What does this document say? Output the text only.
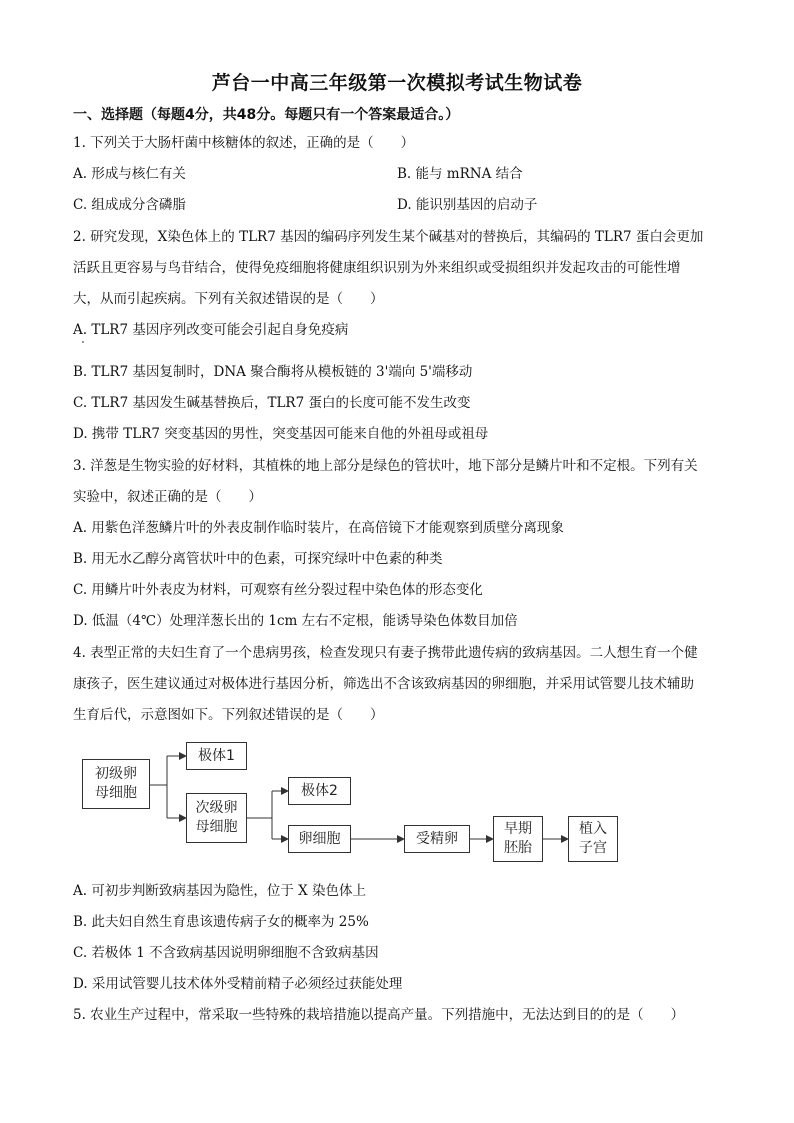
芦台一中高三年级第一次模拟考试生物试卷
一、选择题（每题4分，共48分。每题只有一个答案最适合。）
1. 下列关于大肠杆菌中核糖体的叙述，正确的是（　　）
A. 形成与核仁有关	B. 能与 mRNA 结合
C. 组成成分含磷脂	D. 能识别基因的启动子
2. 研究发现，X染色体上的 TLR7 基因的编码序列发生某个碱基对的替换后，其编码的 TLR7 蛋白会更加
活跃且更容易与鸟苷结合，使得免疫细胞将健康组织识别为外来组织或受损组织并发起攻击的可能性增
大，从而引起疾病。下列有关叙述错误的是（　　）
A. TLR7 基因序列改变可能会引起自身免疫病
B. TLR7 基因复制时，DNA 聚合酶将从模板链的 3'端向 5'端移动
C. TLR7 基因发生碱基替换后，TLR7 蛋白的长度可能不发生改变
D. 携带 TLR7 突变基因的男性，突变基因可能来自他的外祖母或祖母
3. 洋葱是生物实验的好材料，其植株的地上部分是绿色的管状叶，地下部分是鳞片叶和不定根。下列有关
实验中，叙述正确的是（　　）
A. 用紫色洋葱鳞片叶的外表皮制作临时装片，在高倍镜下才能观察到质壁分离现象
B. 用无水乙醇分离管状叶中的色素，可探究绿叶中色素的种类
C. 用鳞片叶外表皮为材料，可观察有丝分裂过程中染色体的形态变化
D. 低温（4℃）处理洋葱长出的 1cm 左右不定根，能诱导染色体数目加倍
4. 表型正常的夫妇生育了一个患病男孩，检查发现只有妻子携带此遗传病的致病基因。二人想生育一个健
康孩子，医生建议通过对极体进行基因分析，筛选出不含该致病基因的卵细胞，并采用试管婴儿技术辅助
生育后代，示意图如下。下列叙述错误的是（　　）
初级卵
母细胞
极体1
次级卵
母细胞
极体2
卵细胞	受精卵
早期
胚胎
植入
子宫
A. 可初步判断致病基因为隐性，位于 X 染色体上
B. 此夫妇自然生育患该遗传病子女的概率为 25%
C. 若极体 1 不含致病基因说明卵细胞不含致病基因
D. 采用试管婴儿技术体外受精前精子必须经过获能处理
5. 农业生产过程中，常采取一些特殊的栽培措施以提高产量。下列措施中，无法达到目的的是（　　）
